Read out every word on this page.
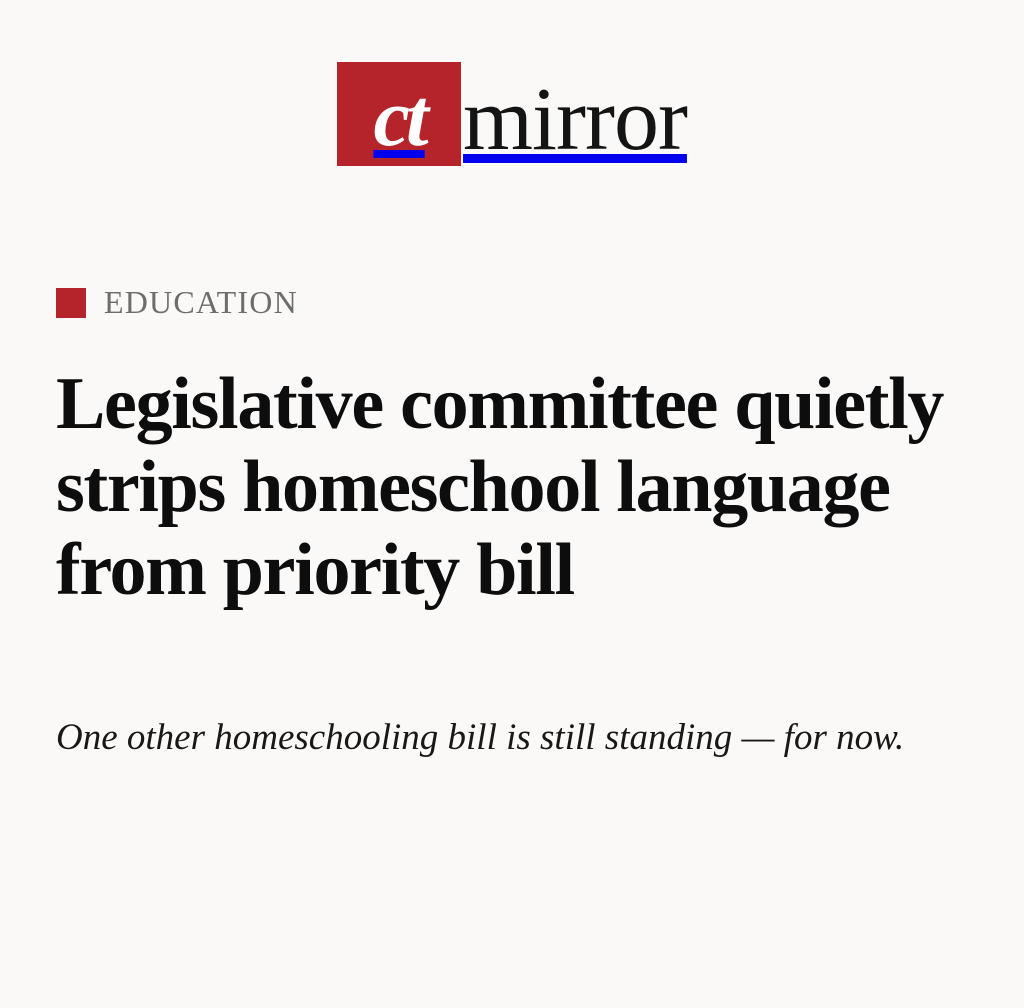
ct mirror
EDUCATION
Legislative committee quietly strips homeschool language from priority bill

One other homeschooling bill is still standing — for now.
